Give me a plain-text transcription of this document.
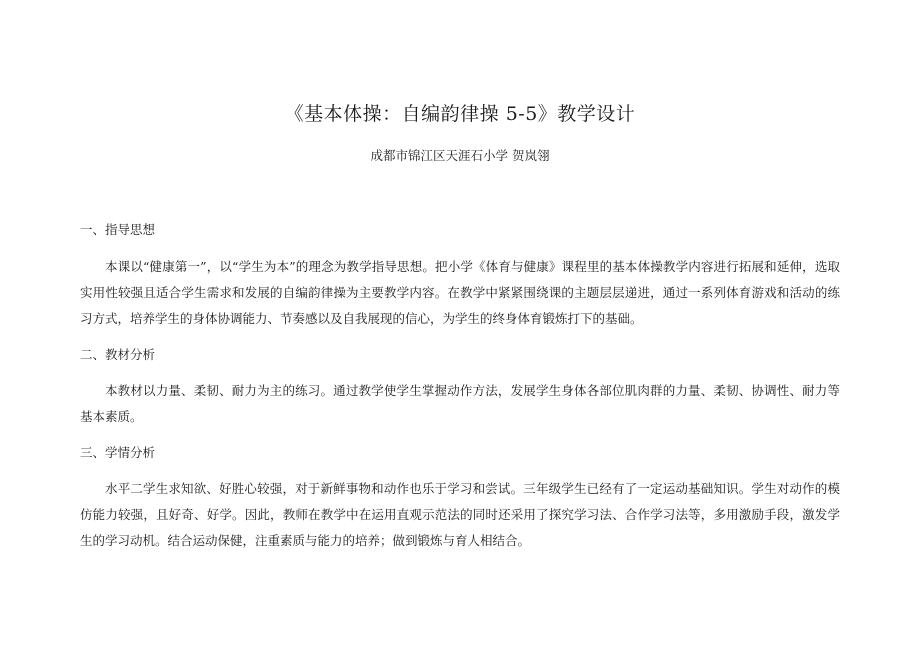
《基本体操：自编韵律操 5-5》教学设计

成都市锦江区天涯石小学 贺岚翎

一、指导思想

本课以“健康第一”，以“学生为本”的理念为教学指导思想。把小学《体育与健康》课程里的基本体操教学内容进行拓展和延伸，选取实用性较强且适合学生需求和发展的自编韵律操为主要教学内容。在教学中紧紧围绕课的主题层层递进，通过一系列体育游戏和活动的练习方式，培养学生的身体协调能力、节奏感以及自我展现的信心，为学生的终身体育锻炼打下的基础。

二、教材分析

本教材以力量、柔韧、耐力为主的练习。通过教学使学生掌握动作方法，发展学生身体各部位肌肉群的力量、柔韧、协调性、耐力等基本素质。

三、学情分析

水平二学生求知欲、好胜心较强，对于新鲜事物和动作也乐于学习和尝试。三年级学生已经有了一定运动基础知识。学生对动作的模仿能力较强，且好奇、好学。因此，教师在教学中在运用直观示范法的同时还采用了探究学习法、合作学习法等，多用激励手段，激发学生的学习动机。结合运动保健，注重素质与能力的培养；做到锻炼与育人相结合。
